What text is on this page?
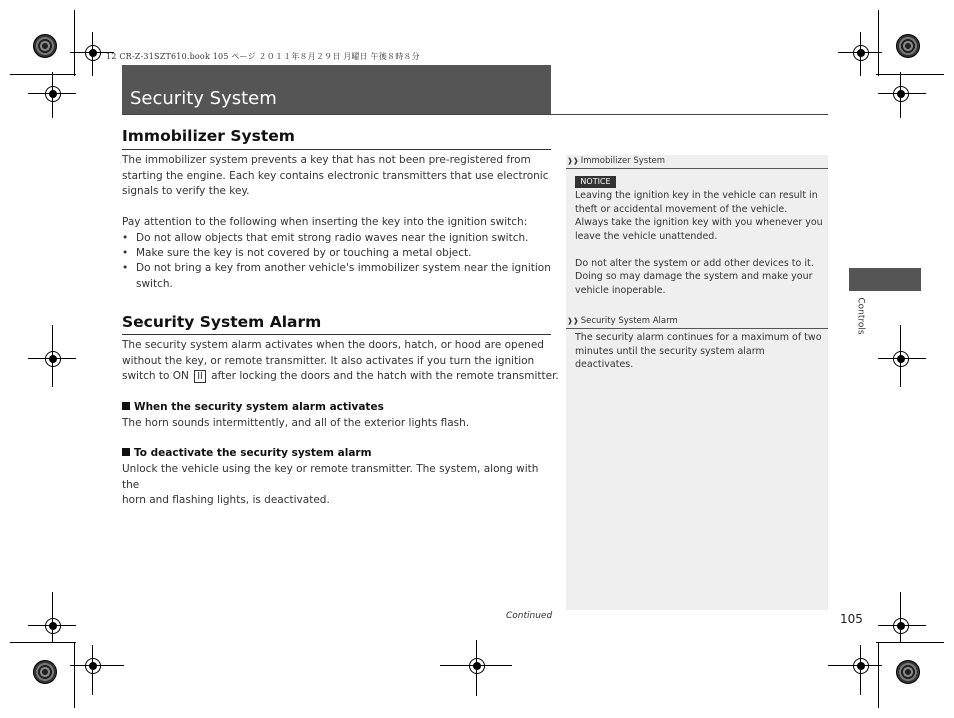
12 CR-Z-31SZT610.book 105 ページ ２０１１年８月２９日 月曜日 午後８時８分
Security System
Immobilizer System
The immobilizer system prevents a key that has not been pre-registered from
starting the engine. Each key contains electronic transmitters that use electronic
signals to verify the key.
Pay attention to the following when inserting the key into the ignition switch:
• Do not allow objects that emit strong radio waves near the ignition switch.
• Make sure the key is not covered by or touching a metal object.
• Do not bring a key from another vehicle's immobilizer system near the ignition
switch.
Security System Alarm
The security system alarm activates when the doors, hatch, or hood are opened
without the key, or remote transmitter. It also activates if you turn the ignition
switch to ON II after locking the doors and the hatch with the remote transmitter.
When the security system alarm activates
The horn sounds intermittently, and all of the exterior lights flash.
To deactivate the security system alarm
Unlock the vehicle using the key or remote transmitter. The system, along with the
horn and flashing lights, is deactivated.
❱❱ Immobilizer System
NOTICE
Leaving the ignition key in the vehicle can result in
theft or accidental movement of the vehicle.
Always take the ignition key with you whenever you
leave the vehicle unattended.
Do not alter the system or add other devices to it.
Doing so may damage the system and make your
vehicle inoperable.
❱❱ Security System Alarm
The security alarm continues for a maximum of two
minutes until the security system alarm deactivates.
Controls
Continued	105
